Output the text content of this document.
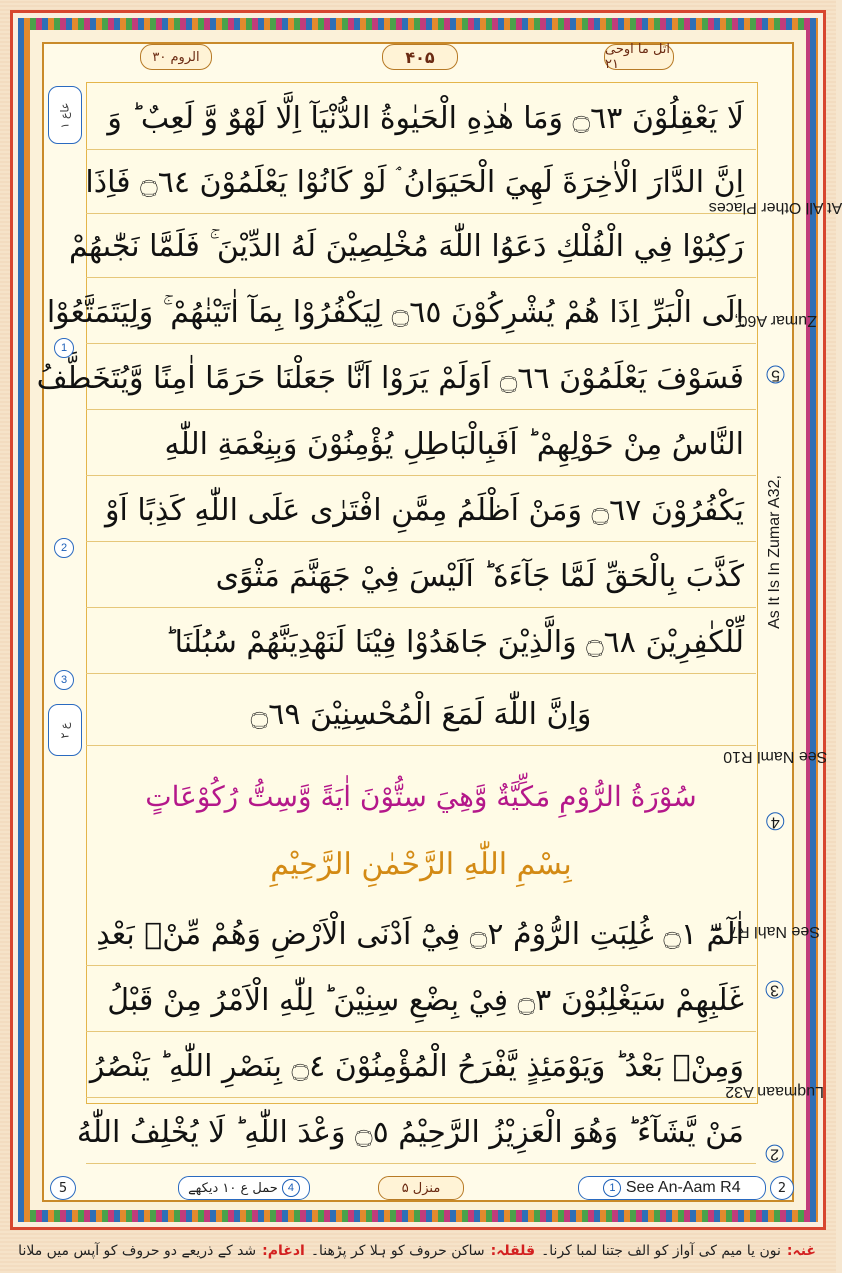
الروم ۳۰	۴۰۵	اتل ما اوحی ۲۱
لَا يَعْقِلُوْنَ ۝٦٣ وَمَا هٰذِهِ الْحَيٰوةُ الدُّنْيَآ اِلَّا لَهْوٌ وَّ لَعِبٌ ؕ وَ
اِنَّ الدَّارَ الْاٰخِرَةَ لَهِيَ الْحَيَوَانُ ۘ لَوْ كَانُوْا يَعْلَمُوْنَ ۝٦٤ فَاِذَا
رَكِبُوْا فِي الْفُلْكِ دَعَوُا اللّٰهَ مُخْلِصِيْنَ لَهُ الدِّيْنَ ۚ فَلَمَّا نَجّٰىهُمْ
اِلَى الْبَرِّ اِذَا هُمْ يُشْرِكُوْنَ ۝٦٥ لِيَكْفُرُوْا بِمَآ اٰتَيْنٰهُمْ ۚ وَلِيَتَمَتَّعُوْا
فَسَوْفَ يَعْلَمُوْنَ ۝٦٦ اَوَلَمْ يَرَوْا اَنَّا جَعَلْنَا حَرَمًا اٰمِنًا وَّيُتَخَطَّفُ
النَّاسُ مِنْ حَوْلِهِمْ ؕ اَفَبِالْبَاطِلِ يُؤْمِنُوْنَ وَبِنِعْمَةِ اللّٰهِ
يَكْفُرُوْنَ ۝٦٧ وَمَنْ اَظْلَمُ مِمَّنِ افْتَرٰى عَلَى اللّٰهِ كَذِبًا اَوْ
كَذَّبَ بِالْحَقِّ لَمَّا جَآءَهٗ ؕ اَلَيْسَ فِيْ جَهَنَّمَ مَثْوًى
لِّلْكٰفِرِيْنَ ۝٦٨ وَالَّذِيْنَ جَاهَدُوْا فِيْنَا لَنَهْدِيَنَّهُمْ سُبُلَنَا ؕ
وَاِنَّ اللّٰهَ لَمَعَ الْمُحْسِنِيْنَ ۝٦٩
اٰلٓمّٓ ۝١ غُلِبَتِ الرُّوْمُ ۝٢ فِيْٓ اَدْنَى الْاَرْضِ وَهُمْ مِّنْۢ بَعْدِ
غَلَبِهِمْ سَيَغْلِبُوْنَ ۝٣ فِيْ بِضْعِ سِنِيْنَ ؕ لِلّٰهِ الْاَمْرُ مِنْ قَبْلُ
وَمِنْۢ بَعْدُ ؕ وَيَوْمَئِذٍ يَّفْرَحُ الْمُؤْمِنُوْنَ ۝٤ بِنَصْرِ اللّٰهِ ؕ يَنْصُرُ
مَنْ يَّشَآءُ ؕ وَهُوَ الْعَزِيْزُ الرَّحِيْمُ ۝٥ وَعْدَ اللّٰهِ ؕ لَا يُخْلِفُ اللّٰهُ
سُوْرَةُ الرُّوْمِ مَكِّيَّةٌ وَّهِيَ سِتُّوْنَ اٰيَةً وَّسِتُّ رُكُوْعَاتٍ
بِسْمِ اللّٰهِ الرَّحْمٰنِ الرَّحِيْمِ
5 Zumar A60, At All Other Places
As It Is In Zumar A32,
4 See Naml R10
3 See Nahl R7
2 Luqmaan A32
عاع ١
1
2
3
ع ٢
2
1
See An-Aam R4
منزل ۵
حمل ع ١٠ دیکھے
4
5
غنہ:
نون یا میم کی آواز کو الف جتنا لمبا کرنا۔
قلقلہ:
ساکن حروف کو ہلا کر پڑھنا۔
ادغام:
شد کے ذریعے دو حروف کو آپس میں ملانا
